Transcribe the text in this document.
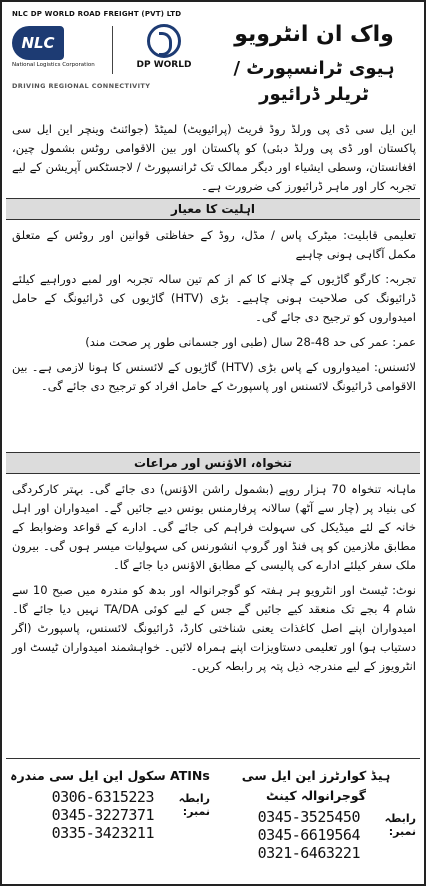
NLC DP WORLD ROAD FREIGHT (PVT) LTD
NLC
National Logistics Corporation	DP WORLD
DRIVING REGIONAL CONNECTIVITY
واک ان انٹرویو
ہیوی ٹرانسپورٹ / ٹریلر ڈرائیور
این ایل سی ڈی پی ورلڈ روڈ فریٹ (پرائیویٹ) لمیٹڈ (جوائنٹ وینچر این ایل سی پاکستان اور ڈی پی ورلڈ دبئی) کو پاکستان اور بین الاقوامی روٹس بشمول چین، افغانستان، وسطی ایشیاء اور دیگر ممالک تک ٹرانسپورٹ / لاجسٹکس آپریشن کے لیے تجربہ کار اور ماہر ڈرائیورز کی ضرورت ہے۔
اہلیت کا معیار

تعلیمی قابلیت: میٹرک پاس / مڈل، روڈ کے حفاظتی قوانین اور روٹس کے متعلق مکمل آگاہی ہونی چاہیے

تجربہ: کارگو گاڑیوں کے چلانے کا کم از کم تین سالہ تجربہ اور لمبے دوراہیے کیلئے ڈرائیونگ کی صلاحیت ہونی چاہیے۔ بڑی (HTV) گاڑیوں کی ڈرائیونگ کے حامل امیدواروں کو ترجیح دی جائے گی۔

عمر: عمر کی حد 48-28 سال (طبی اور جسمانی طور پر صحت مند)

لائسنس: امیدواروں کے پاس بڑی (HTV) گاڑیوں کے لائسنس کا ہونا لازمی ہے۔ بین الاقوامی ڈرائیونگ لائسنس اور پاسپورٹ کے حامل افراد کو ترجیح دی جائے گی۔

تنخواہ، الاؤنس اور مراعات

ماہانہ تنخواہ 70 ہزار روپے (بشمول راشن الاؤنس) دی جائے گی۔ بہتر کارکردگی کی بنیاد پر (چار سے آٹھ) سالانہ پرفارمنس بونس دیے جائیں گے۔ امیدواران اور اہل خانہ کے لئے میڈیکل کی سہولت فراہم کی جائے گی۔ ادارے کے قواعد وضوابط کے مطابق ملازمین کو پی فنڈ اور گروپ انشورنس کی سہولیات میسر ہوں گی۔ بیرون ملک سفر کیلئے ادارے کی پالیسی کے مطابق الاؤنس دیا جائے گا۔

نوٹ: ٹیسٹ اور انٹرویو ہر ہفتہ کو گوجرانوالہ اور بدھ کو مندرہ میں صبح 10 سے شام 4 بجے تک منعقد کیے جائیں گے جس کے لیے کوئی TA/DA نہیں دیا جائے گا۔ امیدواران اپنے اصل کاغذات یعنی شناختی کارڈ، ڈرائیونگ لائسنس، پاسپورٹ (اگر دستیاب ہو) اور تعلیمی دستاویزات اپنے ہمراہ لائیں۔ خواہشمند امیدواران ٹیسٹ اور انٹرویوز کے لیے مندرجہ ذیل پتہ پر رابطہ کریں۔

ہیڈ کوارٹرز این ایل سی گوجرانوالہ کینٹ
رابطہ نمبر:
0345-3525450
0345-6619564
0321-6463221
ATINs سکول این ایل سی مندرہ
رابطہ نمبر:
0306-6315223
0345-3227371
0335-3423211
